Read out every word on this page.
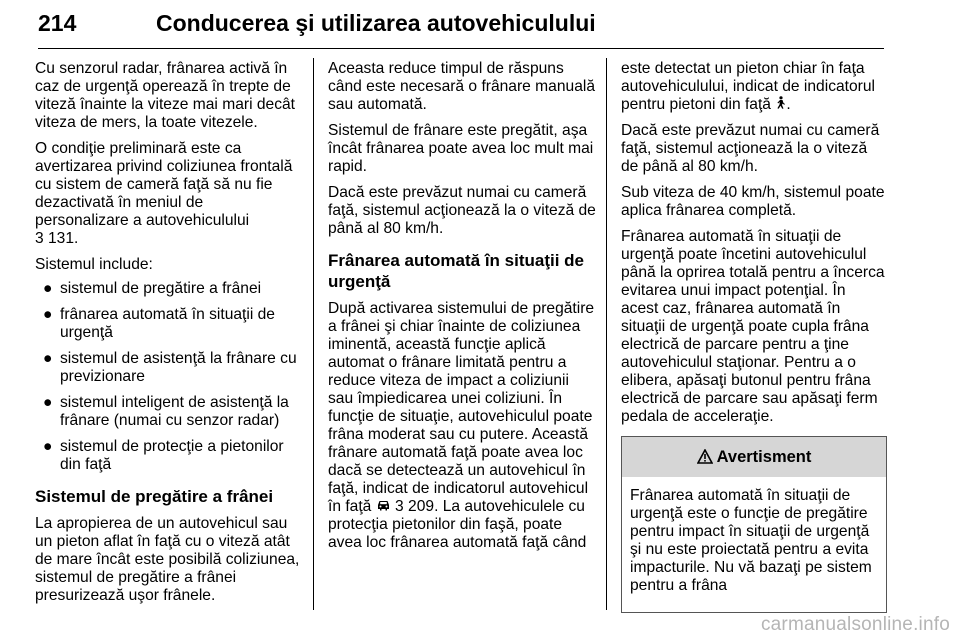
214	Conducerea şi utilizarea autovehiculului

Cu senzorul radar, frânarea activă în caz de urgenţă operează în trepte de viteză înainte la viteze mai mari decât viteza de mers, la toate vitezele.

O condiţie preliminară este ca avertizarea privind coliziunea frontală cu sistem de cameră faţă să nu fie dezactivată în meniul de personalizare a autovehiculului
3 131.

Sistemul include:

● sistemul de pregătire a frânei
● frânarea automată în situaţii de urgenţă
● sistemul de asistenţă la frânare cu previzionare
● sistemul inteligent de asistenţă la frânare (numai cu senzor radar)
● sistemul de protecţie a pietonilor din faţă
Sistemul de pregătire a frânei

La apropierea de un autovehicul sau un pieton aflat în faţă cu o viteză atât de mare încât este posibilă coliziunea, sistemul de pregătire a frânei presurizează uşor frânele.

Aceasta reduce timpul de răspuns când este necesară o frânare manuală sau automată.

Sistemul de frânare este pregătit, aşa încât frânarea poate avea loc mult mai rapid.

Dacă este prevăzut numai cu cameră faţă, sistemul acţionează la o viteză de până al 80 km/h.

Frânarea automată în situaţii de urgenţă

După activarea sistemului de pregătire a frânei şi chiar înainte de coliziunea iminentă, această funcţie aplică automat o frânare limitată pentru a reduce viteza de impact a coliziunii sau împiedicarea unei coliziuni. În funcţie de situaţie, autovehiculul poate frâna moderat sau cu putere. Această frânare automată faţă poate avea loc dacă se detectează un autovehicul în faţă, indicat de indicatorul autovehicul în faţă 3 209. La autovehiculele cu protecţia pietonilor din faşă, poate avea loc frânarea automată faţă când

este detectat un pieton chiar în faţa autovehiculului, indicat de indicatorul pentru pietoni din faţă .

Dacă este prevăzut numai cu cameră faţă, sistemul acţionează la o viteză de până al 80 km/h.

Sub viteza de 40 km/h, sistemul poate aplica frânarea completă.

Frânarea automată în situaţii de urgenţă poate încetini autovehiculul până la oprirea totală pentru a încerca evitarea unui impact potenţial. În acest caz, frânarea automată în situaţii de urgenţă poate cupla frâna electrică de parcare pentru a ţine autovehiculul staţionar. Pentru a o elibera, apăsaţi butonul pentru frâna electrică de parcare sau apăsaţi ferm pedala de acceleraţie.

Avertisment

Frânarea automată în situaţii de urgenţă este o funcţie de pregătire pentru impact în situaţii de urgenţă şi nu este proiectată pentru a evita impacturile. Nu vă bazaţi pe sistem pentru a frâna

carmanualsonline.info
